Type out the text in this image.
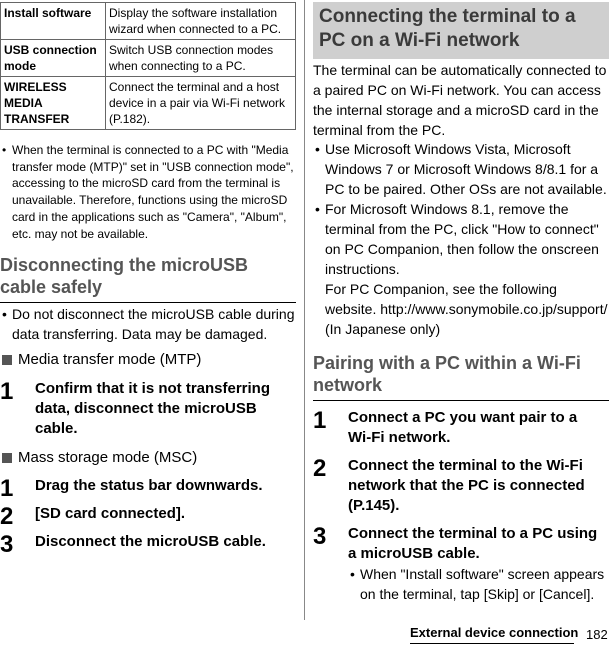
Install software	Display the software installation wizard when connected to a PC.
USB connection mode	Switch USB connection modes when connecting to a PC.
WIRELESS MEDIA TRANSFER	Connect the terminal and a host device in a pair via Wi-Fi network (P.182).
• When the terminal is connected to a PC with "Media transfer mode (MTP)" set in "USB connection mode", accessing to the microSD card from the terminal is unavailable. Therefore, functions using the microSD card in the applications such as "Camera", "Album", etc. may not be available.
Disconnecting the microUSB cable safely
• Do not disconnect the microUSB cable during data transferring. Data may be damaged.
Media transfer mode (MTP)
1 Confirm that it is not transferring data, disconnect the microUSB cable.
Mass storage mode (MSC)
1 Drag the status bar downwards.
2 [SD card connected].
3 Disconnect the microUSB cable.
Connecting the terminal to a PC on a Wi-Fi network
The terminal can be automatically connected to a paired PC on Wi-Fi network. You can access the internal storage and a microSD card in the terminal from the PC.
• Use Microsoft Windows Vista, Microsoft Windows 7 or Microsoft Windows 8/8.1 for a PC to be paired. Other OSs are not available.
• For Microsoft Windows 8.1, remove the terminal from the PC, click "How to connect" on PC Companion, then follow the onscreen instructions.
For PC Companion, see the following website. http://www.sonymobile.co.jp/support/ (In Japanese only)
Pairing with a PC within a Wi-Fi network
1 Connect a PC you want pair to a Wi-Fi network.
2 Connect the terminal to the Wi-Fi network that the PC is connected (P.145).
3 Connect the terminal to a PC using a microUSB cable.
• When "Install software" screen appears on the terminal, tap [Skip] or [Cancel].
External device connection 182
